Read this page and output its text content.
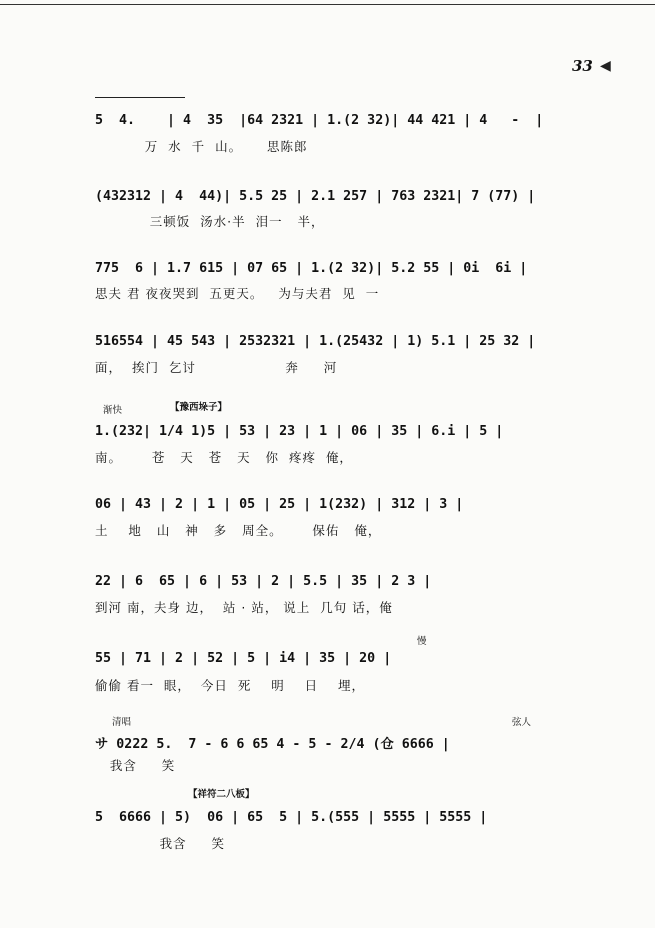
33 ◀
5  4.    | 4  35  |64 2321 | 1.(2 32)| 44 421 | 4   -  |
万  水  千  山。     思陈郎
(432312 | 4  44)| 5.5 25 | 2.1 257 | 763 2321| 7 (77) |
三顿饭  汤水·半  泪一   半，
775  6 | 1.7 615 | 07 65 | 1.(2 32)| 5.2 55 | 0i  6i |
思夫 君 夜夜哭到  五更天。   为与夫君  见  一
516554 | 45 543 | 2532321 | 1.(25432 | 1) 5.1 | 25 32 |
面，  挨门  乞讨                  奔     河
渐快	【豫西垛子】
1.(232| 1/4 1)5 | 53 | 23 | 1 | 06 | 35 | 6.i | 5 |
南。      苍   天   苍   天   你  疼疼  俺，
06 | 43 | 2 | 1 | 05 | 25 | 1(232) | 312 | 3 |
土    地   山   神   多   周全。      保佑   俺，
22 | 6  65 | 6 | 53 | 2 | 5.5 | 35 | 2 3 |
到河 南，夫身 边，  站 · 站， 说上  几句 话，俺
慢
55 | 71 | 2 | 52 | 5 | i4 | 35 | 20 |
偷偷 看一  眼，  今日  死    明    日    埋，
清唱	弦人
サ 0222 5.  7 - 6 6 65 4 - 5 - 2/4 (仓 6666 |
我含     笑
【祥符二八板】
5  6666 | 5)  06 | 65  5 | 5.(555 | 5555 | 5555 |
我含     笑
